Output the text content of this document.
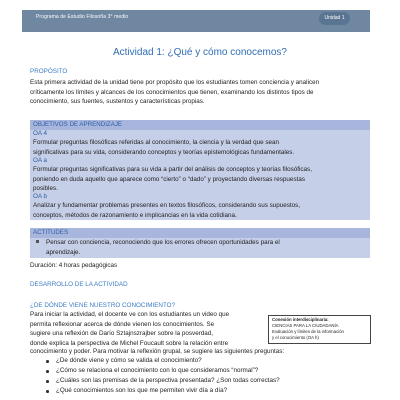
Programa de Estudio Filosofía 3° medio	Unidad 1
Actividad 1: ¿Qué y cómo conocemos?
PROPÓSITO
Esta primera actividad de la unidad tiene por propósito que los estudiantes tomen conciencia y analicen
críticamente los límites y alcances de los conocimientos que tienen, examinando los distintos tipos de
conocimiento, sus fuentes, sustentos y características propias.
OBJETIVOS DE APRENDIZAJE
OA 4
Formular preguntas filosóficas referidas al conocimiento, la ciencia y la verdad que sean
significativas para su vida, considerando conceptos y teorías epistemológicas fundamentales.
OA a
Formular preguntas significativas para su vida a partir del análisis de conceptos y teorías filosóficas,
poniendo en duda aquello que aparece como “cierto” o “dado” y proyectando diversas respuestas
posibles.
OA b
Analizar y fundamentar problemas presentes en textos filosóficos, considerando sus supuestos,
conceptos, métodos de razonamiento e implicancias en la vida cotidiana.
ACTITUDES
Pensar con conciencia, reconociendo que los errores ofrecen oportunidades para el
aprendizaje.
Duración: 4 horas pedagógicas
DESARROLLO DE LA ACTIVIDAD
¿DE DÓNDE VIENE NUESTRO CONOCIMIENTO?
Para iniciar la actividad, el docente ve con los estudiantes un video que
permita reflexionar acerca de dónde vienen los conocimientos. Se
sugiere una reflexión de Darío Sztajnszrajber sobre la posverdad,
donde explica la perspectiva de Michel Foucault sobre la relación entre
conocimiento y poder. Para motivar la reflexión grupal, se sugiere las siguientes preguntas:
Conexión interdisciplinaria:
CIENCIAS PARA LA CIUDADANÍA
Evaluación y límites de la información
y el conocimiento (OA h)
¿De dónde viene y cómo se valida el conocimiento?
¿Cómo se relaciona el conocimiento con lo que consideramos “normal”?
¿Cuáles son las premisas de la perspectiva presentada? ¿Son todas correctas?
¿Qué conocimientos son los que me permiten vivir día a día?
